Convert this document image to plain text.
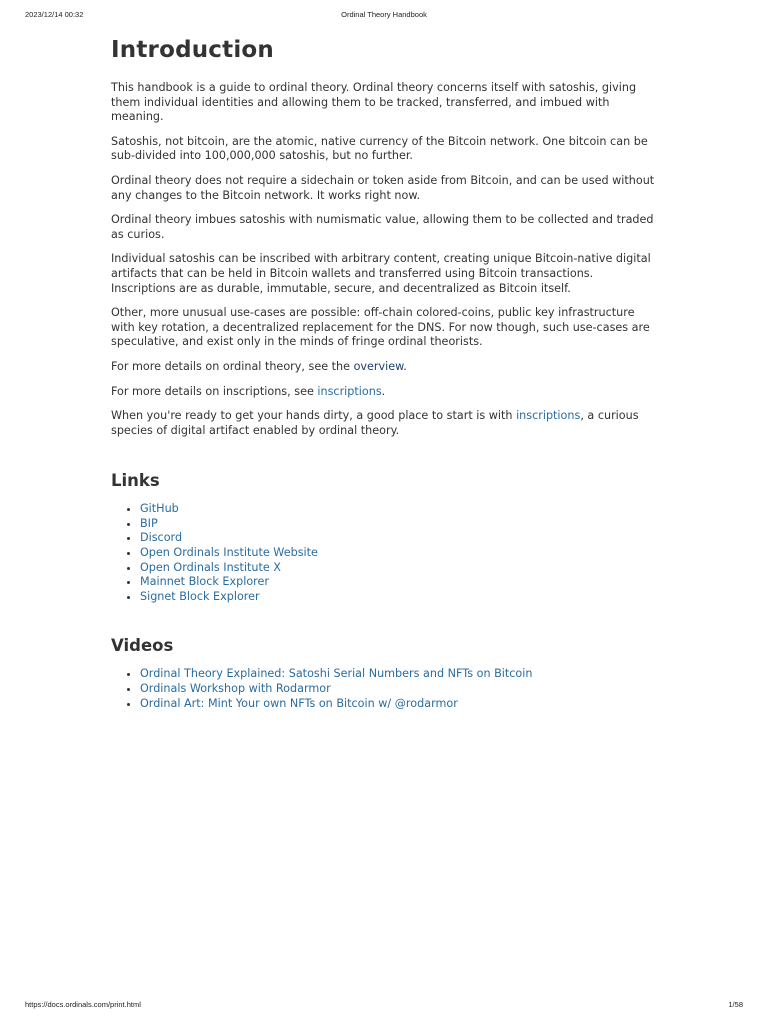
2023/12/14 00:32	Ordinal Theory Handbook
Introduction

This handbook is a guide to ordinal theory. Ordinal theory concerns itself with satoshis, giving them individual identities and allowing them to be tracked, transferred, and imbued with meaning.

Satoshis, not bitcoin, are the atomic, native currency of the Bitcoin network. One bitcoin can be sub-divided into 100,000,000 satoshis, but no further.

Ordinal theory does not require a sidechain or token aside from Bitcoin, and can be used without any changes to the Bitcoin network. It works right now.

Ordinal theory imbues satoshis with numismatic value, allowing them to be collected and traded as curios.

Individual satoshis can be inscribed with arbitrary content, creating unique Bitcoin-native digital artifacts that can be held in Bitcoin wallets and transferred using Bitcoin transactions. Inscriptions are as durable, immutable, secure, and decentralized as Bitcoin itself.

Other, more unusual use-cases are possible: off-chain colored-coins, public key infrastructure with key rotation, a decentralized replacement for the DNS. For now though, such use-cases are speculative, and exist only in the minds of fringe ordinal theorists.

For more details on ordinal theory, see the overview.

For more details on inscriptions, see inscriptions.

When you're ready to get your hands dirty, a good place to start is with inscriptions, a curious species of digital artifact enabled by ordinal theory.

Links
• GitHub
• BIP
• Discord
• Open Ordinals Institute Website
• Open Ordinals Institute X
• Mainnet Block Explorer
• Signet Block Explorer
Videos
• Ordinal Theory Explained: Satoshi Serial Numbers and NFTs on Bitcoin
• Ordinals Workshop with Rodarmor
• Ordinal Art: Mint Your own NFTs on Bitcoin w/ @rodarmor
https://docs.ordinals.com/print.html	1/58
